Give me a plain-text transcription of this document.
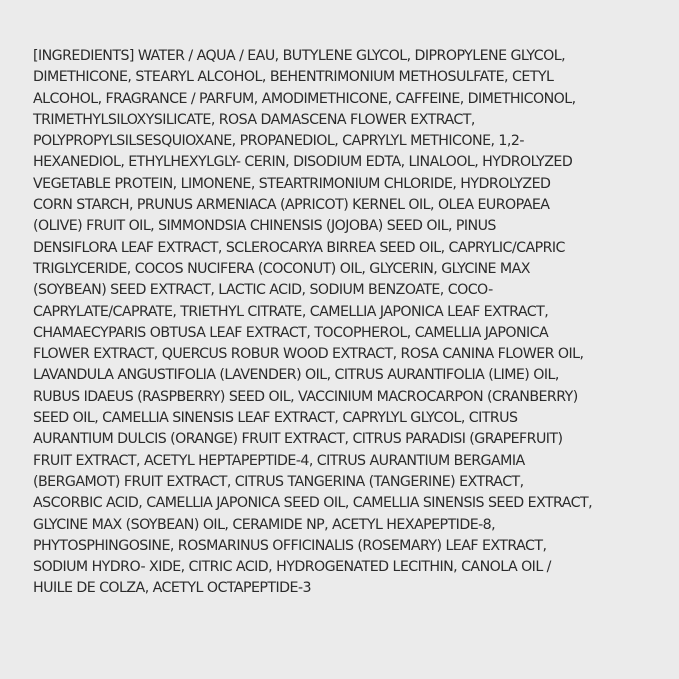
[INGREDIENTS] WATER / AQUA / EAU, BUTYLENE GLYCOL, DIPROPYLENE GLYCOL,
DIMETHICONE, STEARYL ALCOHOL, BEHENTRIMONIUM METHOSULFATE, CETYL
ALCOHOL, FRAGRANCE / PARFUM, AMODIMETHICONE, CAFFEINE, DIMETHICONOL,
TRIMETHYLSILOXYSILICATE, ROSA DAMASCENA FLOWER EXTRACT,
POLYPROPYLSILSESQUIOXANE, PROPANEDIOL, CAPRYLYL METHICONE, 1,2-
HEXANEDIOL, ETHYLHEXYLGLY- CERIN, DISODIUM EDTA, LINALOOL, HYDROLYZED
VEGETABLE PROTEIN, LIMONENE, STEARTRIMONIUM CHLORIDE, HYDROLYZED
CORN STARCH, PRUNUS ARMENIACA (APRICOT) KERNEL OIL, OLEA EUROPAEA
(OLIVE) FRUIT OIL, SIMMONDSIA CHINENSIS (JOJOBA) SEED OIL, PINUS
DENSIFLORA LEAF EXTRACT, SCLEROCARYA BIRREA SEED OIL, CAPRYLIC/CAPRIC
TRIGLYCERIDE, COCOS NUCIFERA (COCONUT) OIL, GLYCERIN, GLYCINE MAX
(SOYBEAN) SEED EXTRACT, LACTIC ACID, SODIUM BENZOATE, COCO-
CAPRYLATE/CAPRATE, TRIETHYL CITRATE, CAMELLIA JAPONICA LEAF EXTRACT,
CHAMAECYPARIS OBTUSA LEAF EXTRACT, TOCOPHEROL, CAMELLIA JAPONICA
FLOWER EXTRACT, QUERCUS ROBUR WOOD EXTRACT, ROSA CANINA FLOWER OIL,
LAVANDULA ANGUSTIFOLIA (LAVENDER) OIL, CITRUS AURANTIFOLIA (LIME) OIL,
RUBUS IDAEUS (RASPBERRY) SEED OIL, VACCINIUM MACROCARPON (CRANBERRY)
SEED OIL, CAMELLIA SINENSIS LEAF EXTRACT, CAPRYLYL GLYCOL, CITRUS
AURANTIUM DULCIS (ORANGE) FRUIT EXTRACT, CITRUS PARADISI (GRAPEFRUIT)
FRUIT EXTRACT, ACETYL HEPTAPEPTIDE-4, CITRUS AURANTIUM BERGAMIA
(BERGAMOT) FRUIT EXTRACT, CITRUS TANGERINA (TANGERINE) EXTRACT,
ASCORBIC ACID, CAMELLIA JAPONICA SEED OIL, CAMELLIA SINENSIS SEED EXTRACT,
GLYCINE MAX (SOYBEAN) OIL, CERAMIDE NP, ACETYL HEXAPEPTIDE-8,
PHYTOSPHINGOSINE, ROSMARINUS OFFICINALIS (ROSEMARY) LEAF EXTRACT,
SODIUM HYDRO- XIDE, CITRIC ACID, HYDROGENATED LECITHIN, CANOLA OIL /
HUILE DE COLZA, ACETYL OCTAPEPTIDE-3
